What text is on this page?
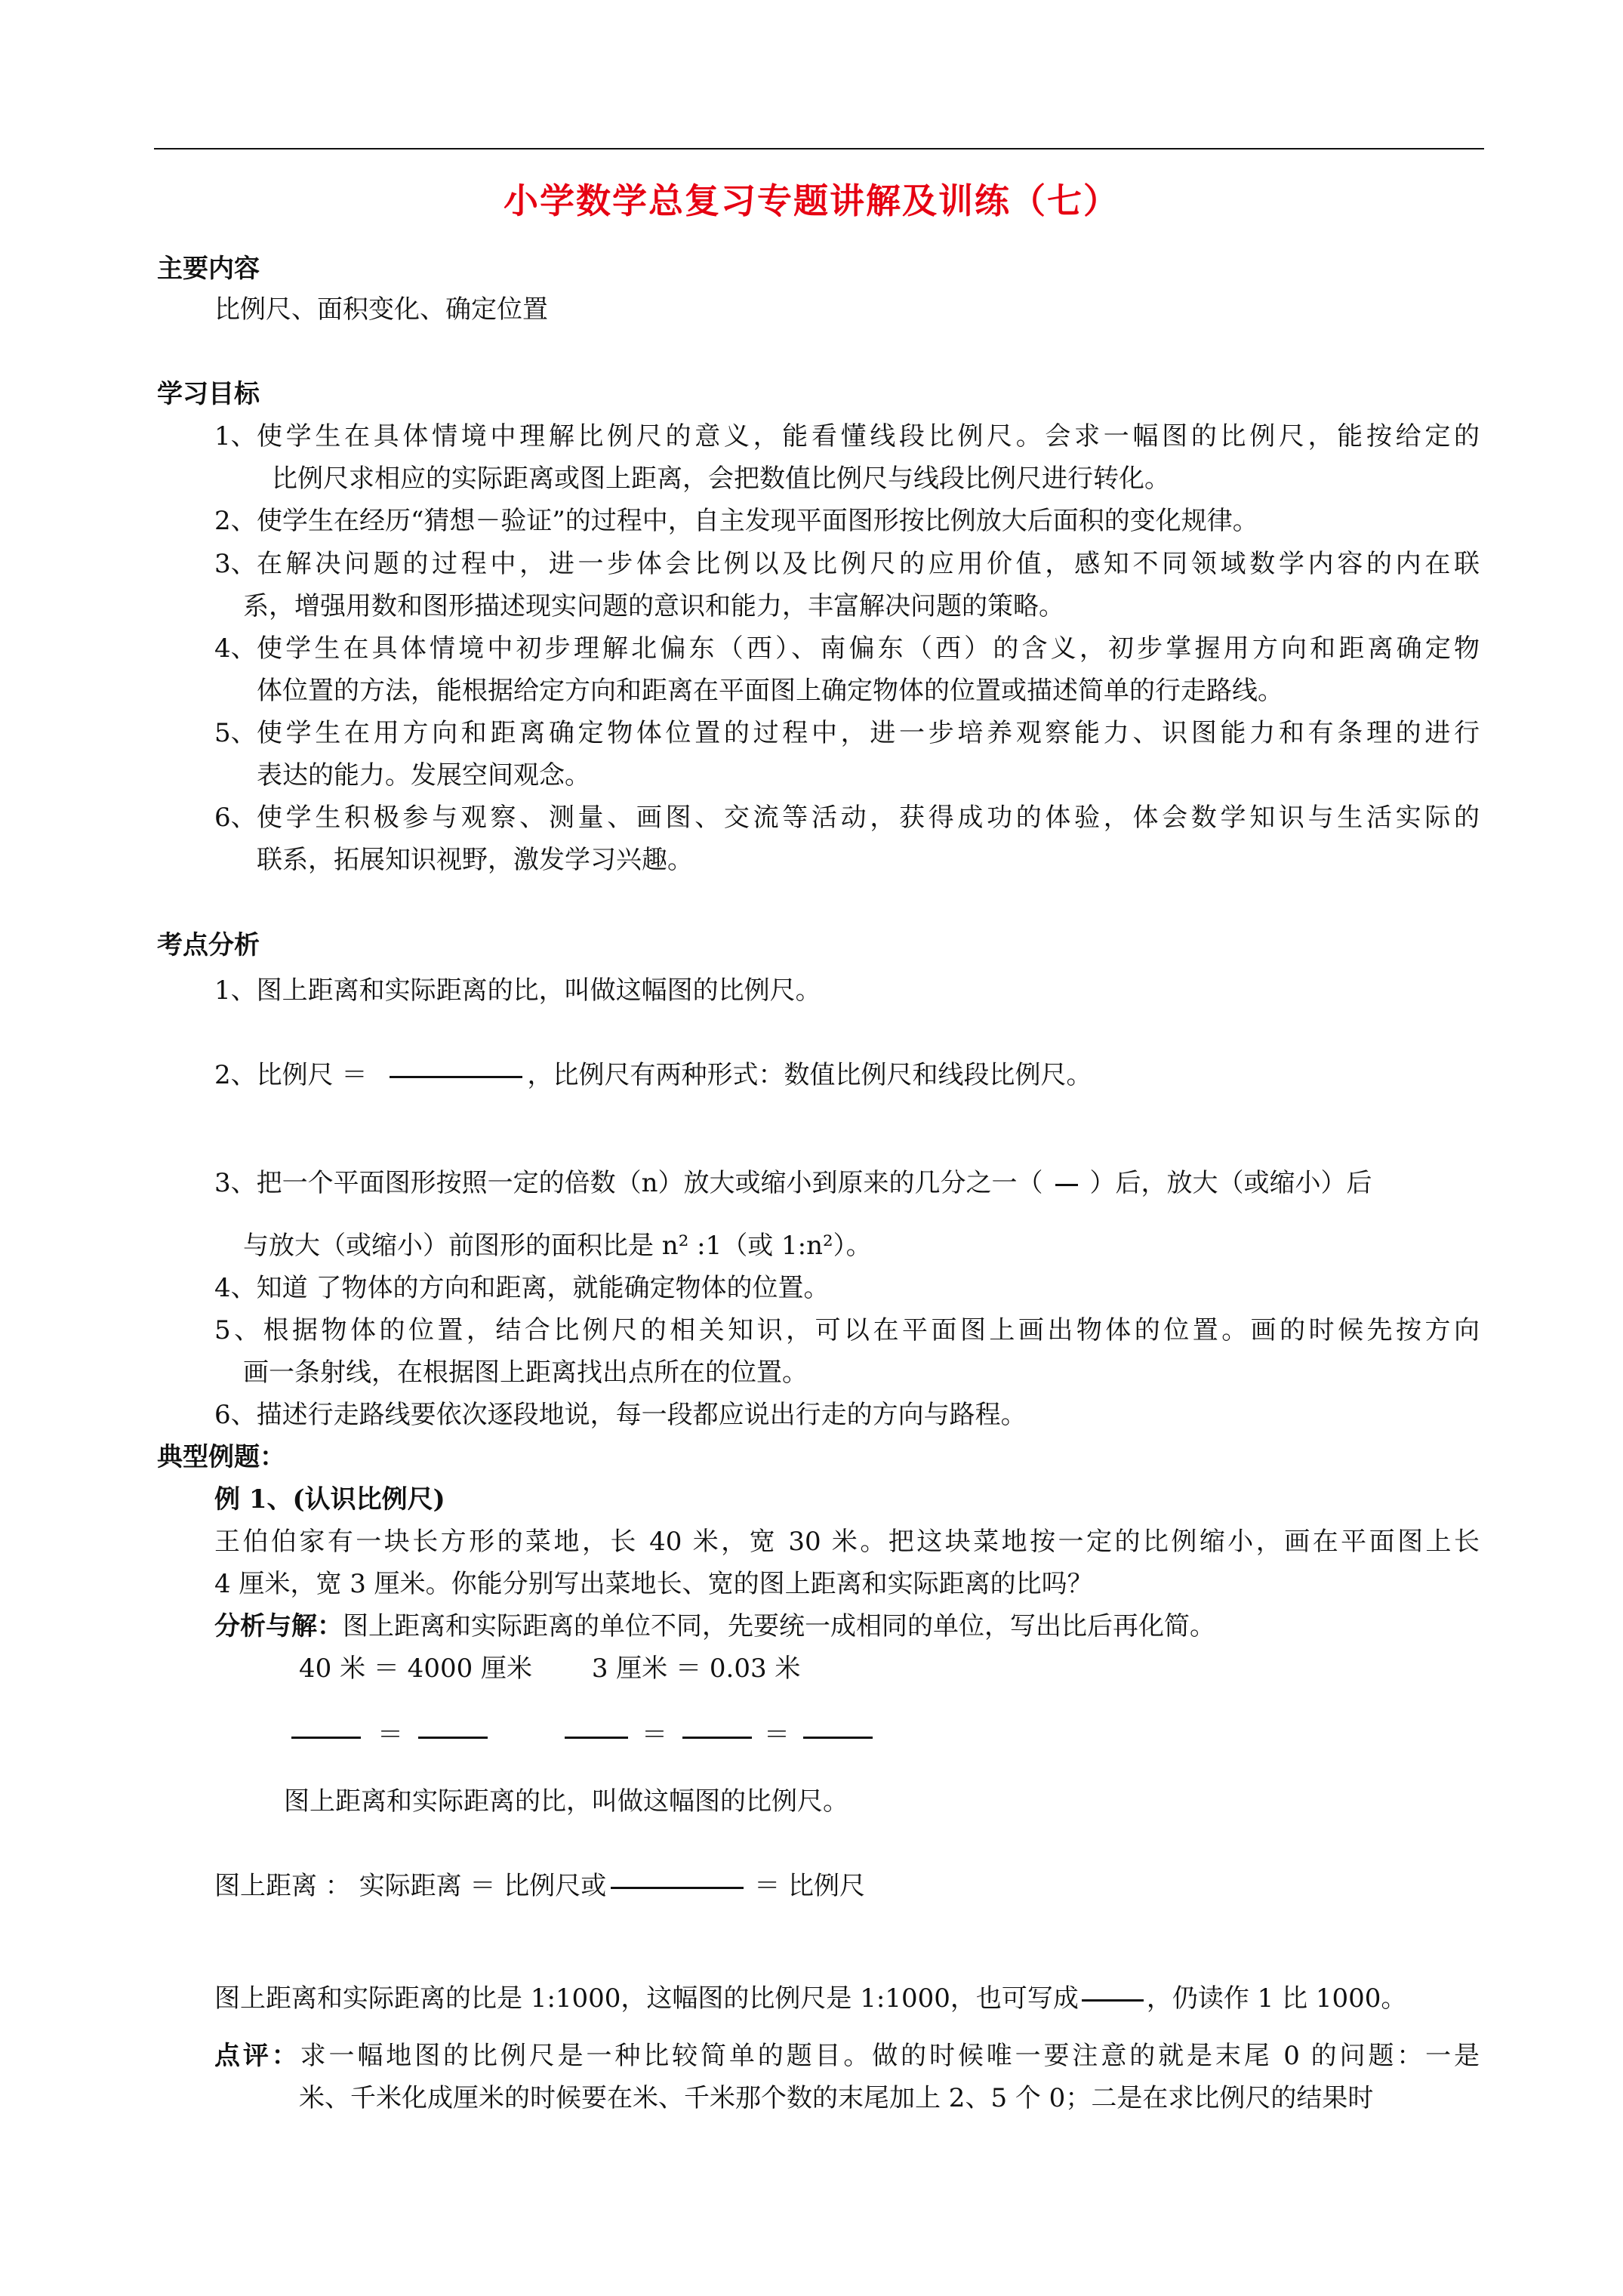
小学数学总复习专题讲解及训练（七）
主要内容
比例尺、面积变化、确定位置
学习目标
1、 使学生在具体情境中理解比例尺的意义，能看懂线段比例尺。会求一幅图的比例尺，能按给定的
比例尺求相应的实际距离或图上距离，会把数值比例尺与线段比例尺进行转化。
2、 使学生在经历“猜想－验证”的过程中，自主发现平面图形按比例放大后面积的变化规律。
3、 在解决问题的过程中，进一步体会比例以及比例尺的应用价值，感知不同领域数学内容的内在联
系，增强用数和图形描述现实问题的意识和能力，丰富解决问题的策略。
4、 使学生在具体情境中初步理解北偏东（西）、南偏东（西）的含义，初步掌握用方向和距离确定物
体位置的方法，能根据给定方向和距离在平面图上确定物体的位置或描述简单的行走路线。
5、 使学生在用方向和距离确定物体位置的过程中，进一步培养观察能力、识图能力和有条理的进行
表达的能力。发展空间观念。
6、 使学生积极参与观察、测量、画图、交流等活动，获得成功的体验，体会数学知识与生活实际的
联系，拓展知识视野，激发学习兴趣。
考点分析
1、图上距离和实际距离的比，叫做这幅图的比例尺。
2、比例尺 ＝	，比例尺有两种形式：数值比例尺和线段比例尺。
3、把一个平面图形按照一定的倍数（n）放大或缩小到原来的几分之一（ ）后，放大（或缩小）后
与放大（或缩小）前图形的面积比是 n² :1（或 1:n²）。
4、知道 了物体的方向和距离，就能确定物体的位置。
5、根据物体的位置，结合比例尺的相关知识，可以在平面图上画出物体的位置。画的时候先按方向
画一条射线，在根据图上距离找出点所在的位置。
6、描述行走路线要依次逐段地说，每一段都应说出行走的方向与路程。
典型例题：
例 1、(认识比例尺)
王伯伯家有一块长方形的菜地，长 40 米，宽 30 米。把这块菜地按一定的比例缩小，画在平面图上长
4 厘米，宽 3 厘米。你能分别写出菜地长、宽的图上距离和实际距离的比吗？
分析与解：图上距离和实际距离的单位不同，先要统一成相同的单位，写出比后再化简。
40 米 ＝ 4000 厘米　　 3 厘米 ＝ 0.03 米
＝	＝	＝
图上距离和实际距离的比，叫做这幅图的比例尺。
图上距离 ： 实际距离 ＝ 比例尺或	＝ 比例尺
图上距离和实际距离的比是 1:1000，这幅图的比例尺是 1:1000，也可写成	，仍读作 1 比 1000。
点评：求一幅地图的比例尺是一种比较简单的题目。做的时候唯一要注意的就是末尾 0 的问题：一是
米、千米化成厘米的时候要在米、千米那个数的末尾加上 2、5 个 0；二是在求比例尺的结果时
